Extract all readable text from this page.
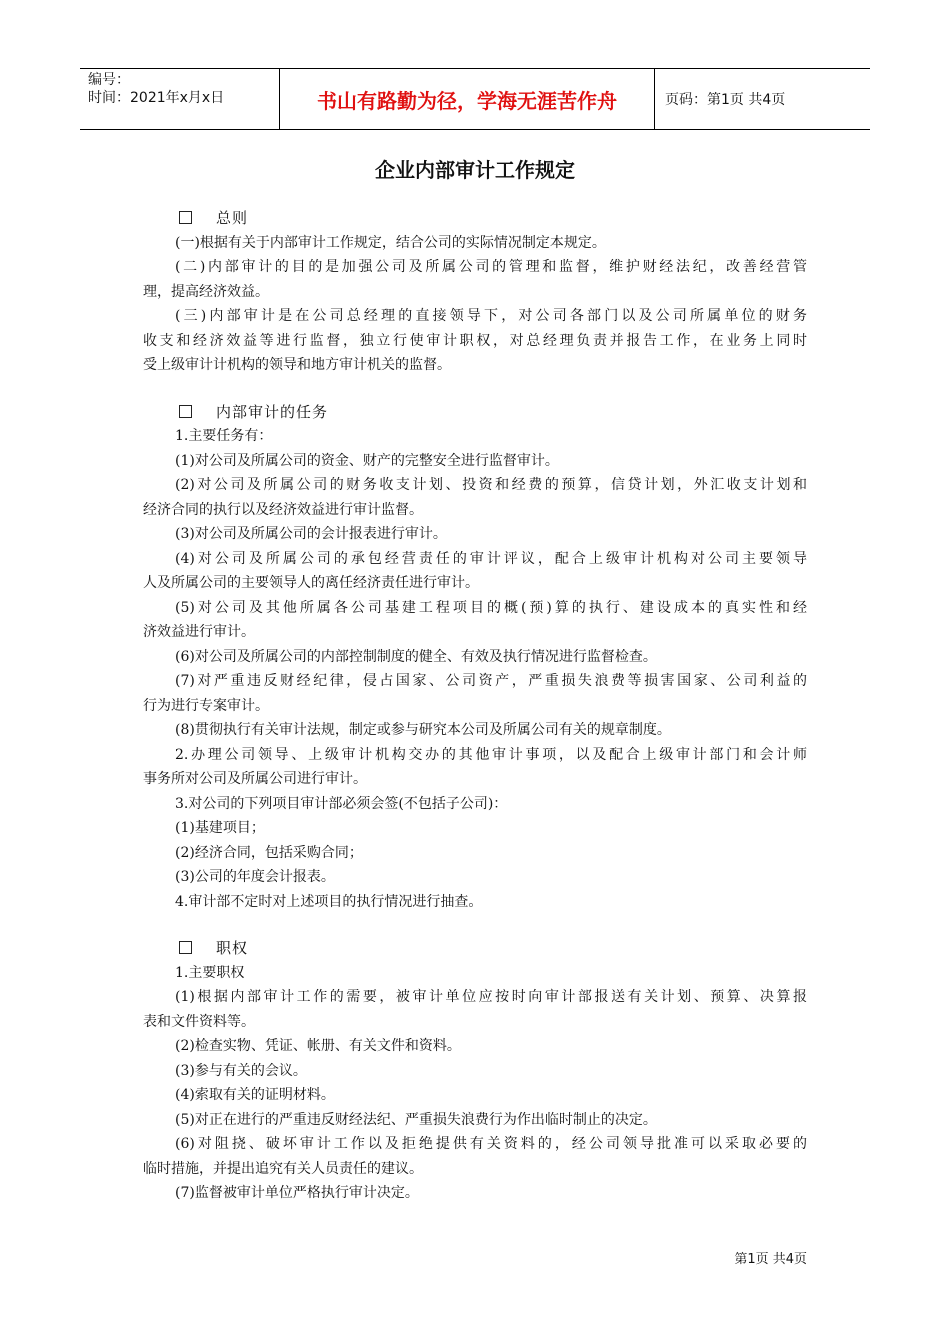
编号：
时间：2021年x月x日	书山有路勤为径，学海无涯苦作舟	页码：第1页 共4页
企业内部审计工作规定
总则
(一)根据有关于内部审计工作规定，结合公司的实际情况制定本规定。
(二)内部审计的目的是加强公司及所属公司的管理和监督，维护财经法纪，改善经营管
理，提高经济效益。
(三)内部审计是在公司总经理的直接领导下，对公司各部门以及公司所属单位的财务
收支和经济效益等进行监督，独立行使审计职权，对总经理负责并报告工作，在业务上同时
受上级审计计机构的领导和地方审计机关的监督。
内部审计的任务
1.主要任务有：
(1)对公司及所属公司的资金、财产的完整安全进行监督审计。
(2)对公司及所属公司的财务收支计划、投资和经费的预算，信贷计划，外汇收支计划和
经济合同的执行以及经济效益进行审计监督。
(3)对公司及所属公司的会计报表进行审计。
(4)对公司及所属公司的承包经营责任的审计评议，配合上级审计机构对公司主要领导
人及所属公司的主要领导人的离任经济责任进行审计。
(5)对公司及其他所属各公司基建工程项目的概(预)算的执行、建设成本的真实性和经
济效益进行审计。
(6)对公司及所属公司的内部控制制度的健全、有效及执行情况进行监督检查。
(7)对严重违反财经纪律，侵占国家、公司资产，严重损失浪费等损害国家、公司利益的
行为进行专案审计。
(8)贯彻执行有关审计法规，制定或参与研究本公司及所属公司有关的规章制度。
2.办理公司领导、上级审计机构交办的其他审计事项，以及配合上级审计部门和会计师
事务所对公司及所属公司进行审计。
3.对公司的下列项目审计部必须会签(不包括子公司)：
(1)基建项目；
(2)经济合同，包括采购合同；
(3)公司的年度会计报表。
4.审计部不定时对上述项目的执行情况进行抽查。
职权
1.主要职权
(1)根据内部审计工作的需要，被审计单位应按时向审计部报送有关计划、预算、决算报
表和文件资料等。
(2)检查实物、凭证、帐册、有关文件和资料。
(3)参与有关的会议。
(4)索取有关的证明材料。
(5)对正在进行的严重违反财经法纪、严重损失浪费行为作出临时制止的决定。
(6)对阻挠、破坏审计工作以及拒绝提供有关资料的，经公司领导批准可以采取必要的
临时措施，并提出追究有关人员责任的建议。
(7)监督被审计单位严格执行审计决定。
第1页 共4页
